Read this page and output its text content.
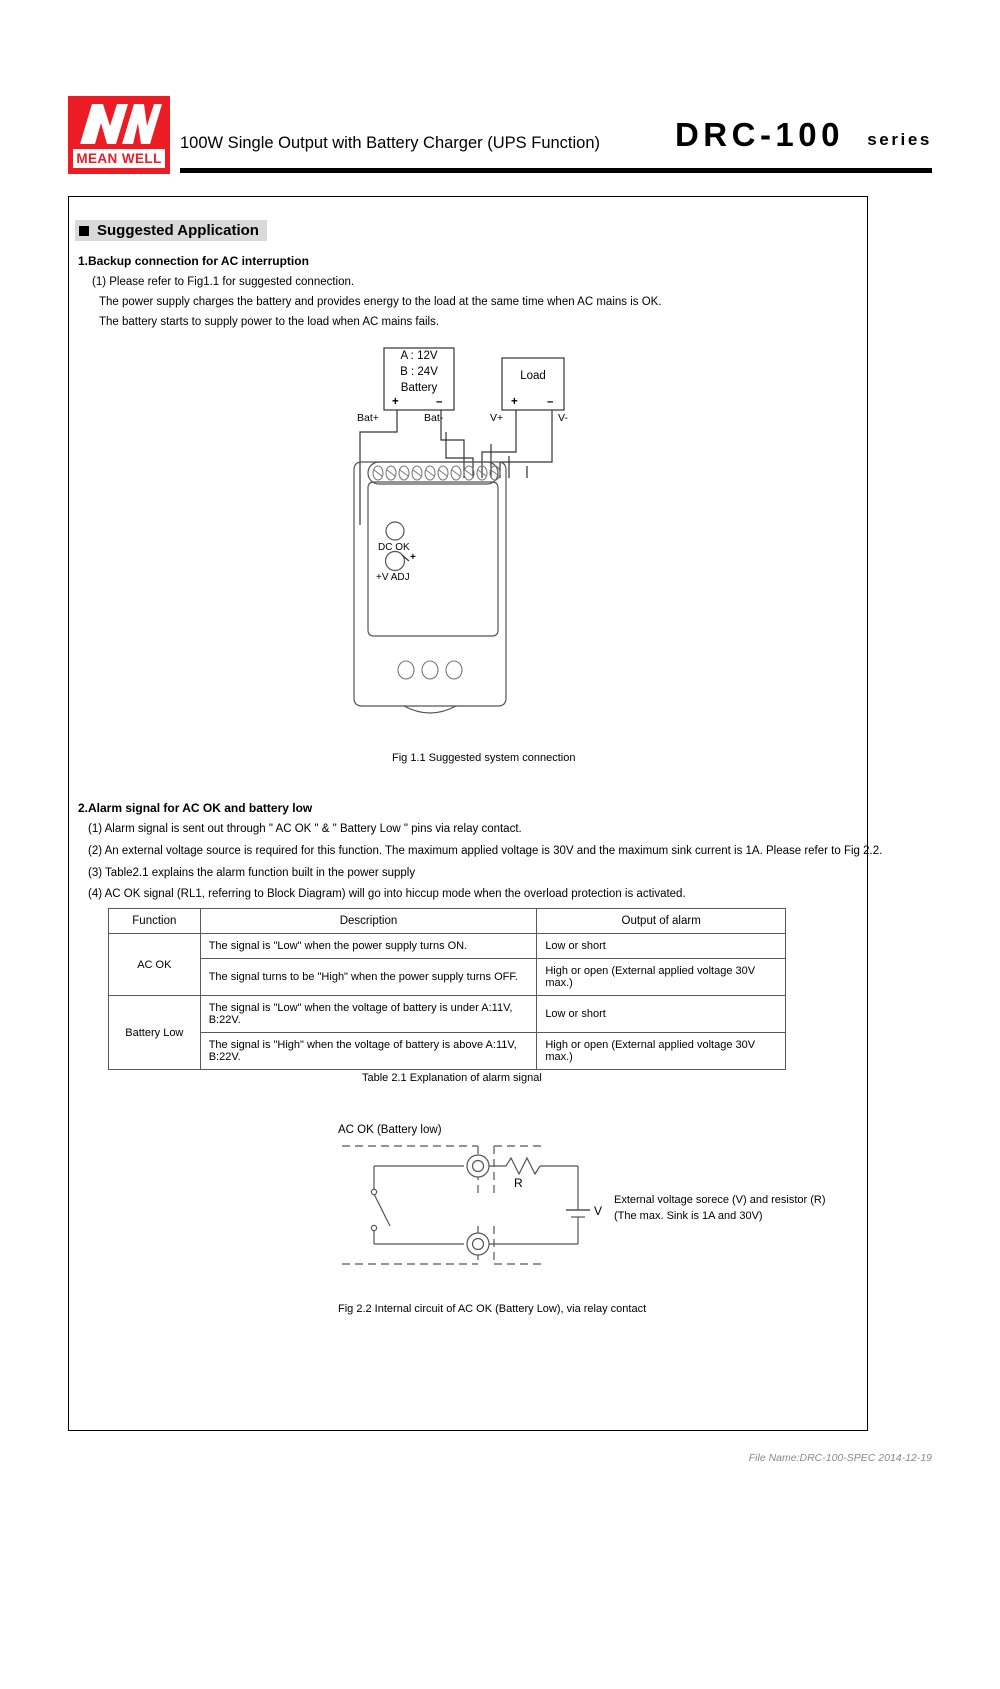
MEAN WELL
100W Single Output with Battery Charger (UPS Function) DRC-100 series
Suggested Application
1.Backup connection for AC interruption
(1) Please refer to Fig1.1 for suggested connection.
The power supply charges the battery and provides energy to the load at the same time when AC mains is OK.
The battery starts to supply power to the load when AC mains fails.
A : 12V
B : 24V
Battery
+	–
Load
+	–
Bat+	Bat-	V+	V-
DC OK
+
+V ADJ
Fig 1.1 Suggested system connection
2.Alarm signal for AC OK and battery low
(1) Alarm signal is sent out through " AC OK " & " Battery Low " pins via relay contact.
(2) An external voltage source is required for this function. The maximum applied voltage is 30V and the maximum sink current is 1A. Please refer to Fig 2.2.
(3) Table2.1 explains the alarm function built in the power supply
(4) AC OK signal (RL1, referring to Block Diagram) will go into hiccup mode when the overload protection is activated.
Function	Description	Output of alarm
AC OK	The signal is "Low" when the power supply turns ON.	Low or short
	The signal turns to be "High" when the power supply turns OFF.	High or open (External applied voltage 30V max.)
Battery Low	The signal is "Low" when the voltage of battery is under A:11V, B:22V.	Low or short
	The signal is "High" when the voltage of battery is above A:11V, B:22V.	High or open (External applied voltage 30V max.)
Table 2.1 Explanation of alarm signal
AC OK (Battery low)
R
V
External voltage sorece (V) and resistor (R)
(The max. Sink is 1A and 30V)
Fig 2.2 Internal circuit of AC OK (Battery Low), via relay contact
File Name:DRC-100-SPEC 2014-12-19
